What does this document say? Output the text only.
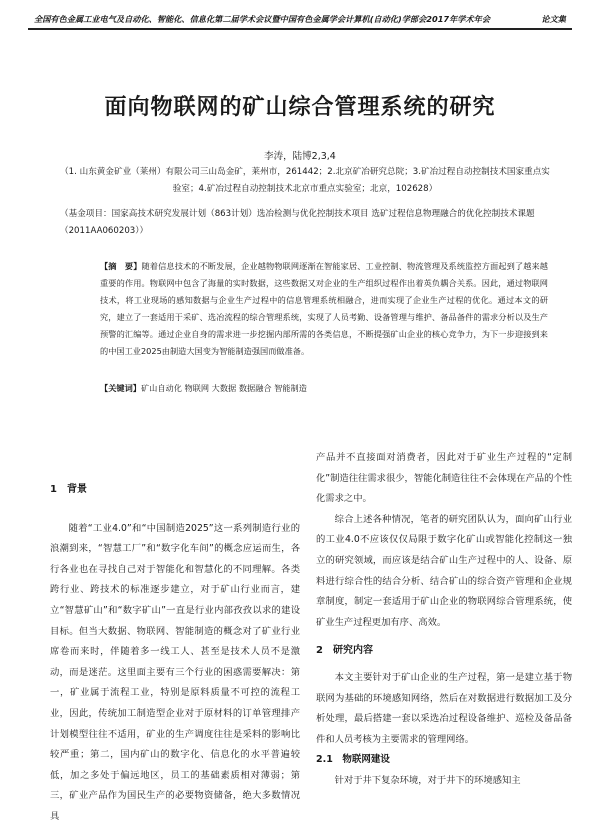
全国有色金属工业电气及自动化、智能化、信息化第二届学术会议暨中国有色金属学会计算机(自动化)学部会2017年学术年会	论文集
面向物联网的矿山综合管理系统的研究
李涛，陆博2,3,4
（1. 山东黄金矿业（莱州）有限公司三山岛金矿，莱州市，261442；2.北京矿冶研究总院；3.矿冶过程自动控制技术国家重点实验室；4.矿冶过程自动控制技术北京市重点实验室；北京，102628）
（基金项目：国家高技术研究发展计划（863计划）选冶检测与优化控制技术项目 选矿过程信息物理融合的优化控制技术课题（2011AA060203））
【摘　要】随着信息技术的不断发展，企业越物物联网逐渐在智能家居、工业控制、物流管理及系统监控方面起到了越来越重要的作用。物联网中包含了海量的实时数据，这些数据又对企业的生产组织过程作出着英负耦合关系。因此，通过物联网技术，将工业现场的感知数据与企业生产过程中的信息管理系统相融合，进而实现了企业生产过程的优化。通过本文的研究，建立了一套适用于采矿、选冶流程的综合管理系统，实现了人员考勤、设备管理与维护、备品备件的需求分析以及生产预警的汇编等。通过企业自身的需求进一步挖掘内部所需的各类信息，不断提强矿山企业的核心竞争力，为下一步迎接到来的中国工业2025由制造大国变为智能制造强国而做准备。
【关键词】矿山自动化 物联网 大数据 数据融合 智能制造
1　背景

随着“工业4.0”和“中国制造2025”这一系列制造行业的浪潮到来，“智慧工厂”和“数字化车间”的概念应运而生，各行各业也在寻找自己对于智能化和智慧化的不同理解。各类跨行业、跨技术的标准逐步建立，对于矿山行业而言，建立“智慧矿山”和“数字矿山”一直是行业内部孜孜以求的建设目标。但当大数据、物联网、智能制造的概念对了矿业行业席卷而来时，伴随着多一线工人、甚至是技术人员不是激动，而是迷茫。这里面主要有三个行业的困惑需要解决：第一，矿业属于流程工业，特别是原料质量不可控的流程工业，因此，传统加工制造型企业对于原材料的订单管理排产计划模型往往不适用，矿业的生产调度往往是采料的影响比较严重；第二，国内矿山的数字化、信息化的水平普遍较低，加之多处于偏远地区，员工的基础素质相对薄弱；第三，矿业产品作为国民生产的必要物资储备，绝大多数情况具

产品并不直接面对消费者，因此对于矿业生产过程的“定制化”制造往往需求很少，智能化制造往往不会体现在产品的个性化需求之中。

综合上述各种情况，笔者的研究团队认为，面向矿山行业的工业4.0不应该仅仅局限于数字化矿山或智能化控制这一独立的研究领域，而应该是结合矿山生产过程中的人、设备、原料进行综合性的结合分析、结合矿山的综合资产管理和企业规章制度，制定一套适用于矿山企业的物联网综合管理系统，使矿业生产过程更加有序、高效。

2　研究内容

本文主要针对于矿山企业的生产过程，第一是建立基于物联网为基础的环境感知网络，然后在对数据进行数据加工及分析处理，最后搭建一套以采选冶过程设备维护、巡检及备品备件和人员考核为主要需求的管理网络。

2.1　物联网建设

针对于井下复杂环境，对于井下的环境感知主
